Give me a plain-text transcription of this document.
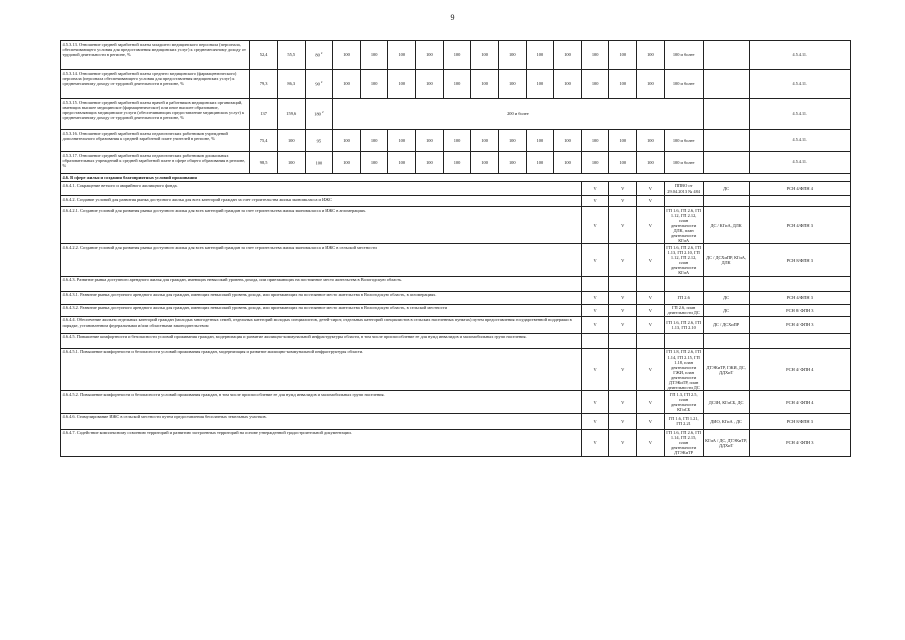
9
4.5.3.13. Отношение средней заработной платы младшего медицинского персонала (персонала, обеспечивающего условия для предоставления медицинских услуг) к среднемесячному доходу от трудовой деятельности в регионе, %	52,4	55,5	80 $^2$	100	100	100	100	100	100	100	100	100	100	100	100	100 и более		4.5.4.11.
4.5.3.14. Отношение средней заработной платы среднего медицинского (фармацевтического) персонала (персонала обеспечивающего условия для предоставления медицинских услуг) к среднемесячному доходу от трудовой деятельности в регионе, %	79,3	86,3	90 $^2$	100	100	100	100	100	100	100	100	100	100	100	100	100 и более		4.5.4.11.
4.5.3.15. Отношение средней заработной платы врачей и работников медицинских организаций, имеющих высшее медицинское (фармацевтическое) или иное высшее образование, предоставляющих медицинские услуги (обеспечивающих предоставление медицинских услуг) к среднемесячному доходу от трудовой деятельности в регионе, %	137	159,6	180 $^2$	200 и более														4.5.4.11.
4.5.3.16. Отношение средней заработной платы педагогических работников учреждений дополнительного образования к средней заработной плате учителей в регионе, %	75,4	100	95	100	100	100	100	100	100	100	100	100	100	100	100	100 и более		4.5.4.11.
4.5.3.17. Отношение средней заработной платы педагогических работников дошкольных образовательных учреждений к средней заработной плате в сфере общего образования в регионе, %	98,5	100	100	100	100	100	100	100	100	100	100	100	100	100	100	100 и более		4.5.4.11.
4.6. В сфере жилья и создания благоприятных условий проживания																		
4.6.4.1. Сокращение ветхого и аварийного жилищного фонда.													V	V	V	ППВО от 29.04.2013 № 484	ДС	РСН 4/ФПН 4
4.6.4.2. Создание условий для развития рынка доступного жилья для всех категорий граждан за счет строительства жилья экономкласса и ИЖС													V	V	V			
4.6.4.2.1. Создание условий для развития рынка доступного жилья для всех категорий граждан за счет строительства жилья экономкласса и ИЖС в агломерациях.													V	V	V	ГП 1.6, ГП 2.6, ГП 1.12, ГП 2.12, план деятельности ДЛК, план деятельности КГиА	ДС / КГиА, ДЛК	РСН 4/ФПН 3
4.6.4.2.2. Создание условий для развития рынка доступного жилья для всех категорий граждан за счет строительства жилья экономкласса и ИЖС в сельской местности													V	V	V	ГП 1.6, ГП 2.6, ГП 1.13, ГП 2.10, ГП 1.12, ГП 2.12, план деятельности КГиА	ДС / ДСХиПР, КГиА, ДЛК	РСН 8/ФПН 3
4.6.4.3. Развитие рынка доступного арендного жилья для граждан, имеющих невысокий уровень дохода, или приезжающих на постоянное место жительства в Вологодскую область.																		
4.6.4.3.1. Развитие рынка доступного арендного жилья для граждан, имеющих невысокий уровень дохода, или приезжающих на постоянное место жительства в Вологодскую область, в агломерациях.													V	V	V	ГП 2.6	ДС	РСН 4/ФПН 3
4.6.4.3.2. Развитие рынка доступного арендного жилья для граждан, имеющих невысокий уровень дохода, или приезжающих на постоянное место жительства в Вологодскую область, в сельской местности													V	V	V	ГП 2.6, план деятельности ДС	ДС	РСН 8/ ФПН 3
4.6.4.4. Обеспечение жильем отдельных категорий граждан (молодых многодетных семей, отдельных категорий молодых специалистов, детей-сирот, отдельных категорий специалистов в сельских населенных пунктах) путем предоставления государственной поддержки в порядке, установленном федеральными и/или областными законодательством													V	V	V	ГП 1.6, ГП 2.6, ГП 1.13, ГП 2.10	ДС / ДСХиПР	РСН 4/ ФПН 3
4.6.4.5. Повышение комфортности и безопасности условий проживания граждан, модернизация и развитие жилищно-коммунальной инфраструктуры области, в том числе приспособление ее для нужд инвалидов и маломобильных групп населения.																		
4.6.4.5.1. Повышение комфортности и безопасности условий проживания граждан, модернизация и развитие жилищно-коммунальной инфраструктуры области.													V	V	V	ГП 1.8, ГП 2.6, ГП 1.14, ГП 2.15, ГП 1.18, план деятельности ГЖИ, план деятельности ДТЭКиТР, план деятельности ДС	ДТЭКиТР, ГЖИ, ДС, ДДХиТ	РСН 4/ ФПН 4
4.6.4.5.2. Повышение комфортности и безопасности условий проживания граждан, в том числе приспособление ее для нужд инвалидов и маломобильных групп населения.													V	V	V	ГП 1.3, ГП 2.5, план деятельности КГиСБ	ДСЗН, КГиСБ, ДС	РСН 4/ ФПН 4
4.6.4.6. Стимулирование ИЖС в сельской местности путем предоставления бесплатных земельных участков.													V	V	V	ГП 1.6, ГП 1.21, ГП 2.21	ДИО, КГиА , ДС	РСН 8/ФПН 3
4.6.4.7. Содействие комплексному освоению территорий и развитию застроенных территорий на основе утвержденной градостроительной документации.													V	V	V	ГП 1.6, ГП 2.6, ГП 1.14, ГП 2.15, план деятельности ДТЭКиТР	КГиА / ДС, ДТЭКиТР, ДДХиТ	РСН 4/ ФПН 3
